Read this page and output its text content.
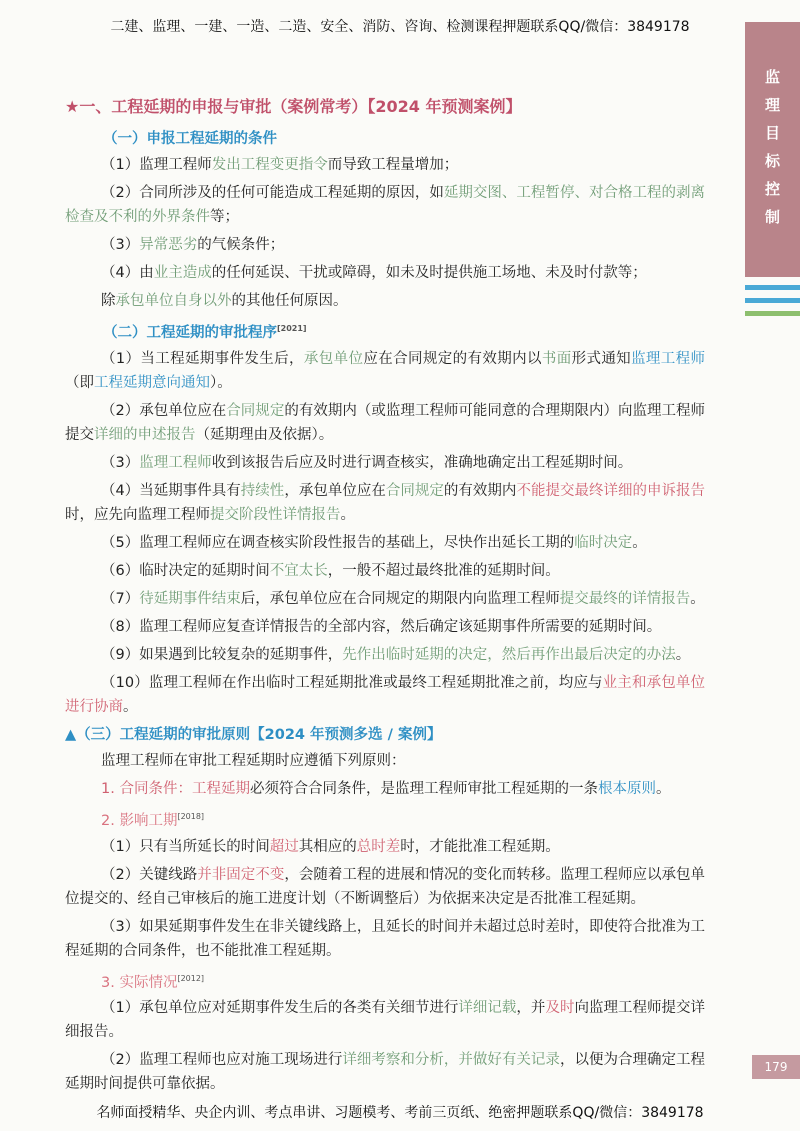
二建、监理、一建、一造、二造、安全、消防、咨询、检测课程押题联系QQ/微信：3849178
监
理
目
标
控
制
★一、工程延期的申报与审批（案例常考）【2024 年预测案例】
（一）申报工程延期的条件
（1）监理工程师发出工程变更指令而导致工程量增加；
（2）合同所涉及的任何可能造成工程延期的原因，如延期交图、工程暂停、对合格工程的剥离检查及不利的外界条件等；
（3）异常恶劣的气候条件；
（4）由业主造成的任何延误、干扰或障碍，如未及时提供施工场地、未及时付款等；
除承包单位自身以外的其他任何原因。
（二）工程延期的审批程序[2021]
（1）当工程延期事件发生后，承包单位应在合同规定的有效期内以书面形式通知监理工程师（即工程延期意向通知）。
（2）承包单位应在合同规定的有效期内（或监理工程师可能同意的合理期限内）向监理工程师提交详细的申述报告（延期理由及依据）。
（3）监理工程师收到该报告后应及时进行调查核实，准确地确定出工程延期时间。
（4）当延期事件具有持续性，承包单位应在合同规定的有效期内不能提交最终详细的申诉报告时，应先向监理工程师提交阶段性详情报告。
（5）监理工程师应在调查核实阶段性报告的基础上，尽快作出延长工期的临时决定。
（6）临时决定的延期时间不宜太长，一般不超过最终批准的延期时间。
（7）待延期事件结束后，承包单位应在合同规定的期限内向监理工程师提交最终的详情报告。
（8）监理工程师应复查详情报告的全部内容，然后确定该延期事件所需要的延期时间。
（9）如果遇到比较复杂的延期事件，先作出临时延期的决定，然后再作出最后决定的办法。
（10）监理工程师在作出临时工程延期批准或最终工程延期批准之前，均应与业主和承包单位进行协商。
▲（三）工程延期的审批原则【2024 年预测多选 / 案例】
监理工程师在审批工程延期时应遵循下列原则：
1. 合同条件：工程延期必须符合合同条件，是监理工程师审批工程延期的一条根本原则。
2. 影响工期[2018]
（1）只有当所延长的时间超过其相应的总时差时，才能批准工程延期。
（2）关键线路并非固定不变，会随着工程的进展和情况的变化而转移。监理工程师应以承包单位提交的、经自己审核后的施工进度计划（不断调整后）为依据来决定是否批准工程延期。
（3）如果延期事件发生在非关键线路上，且延长的时间并未超过总时差时，即使符合批准为工程延期的合同条件，也不能批准工程延期。
3. 实际情况[2012]
（1）承包单位应对延期事件发生后的各类有关细节进行详细记载，并及时向监理工程师提交详细报告。
（2）监理工程师也应对施工现场进行详细考察和分析，并做好有关记录，以便为合理确定工程延期时间提供可靠依据。
179
名师面授精华、央企内训、考点串讲、习题模考、考前三页纸、绝密押题联系QQ/微信：3849178
